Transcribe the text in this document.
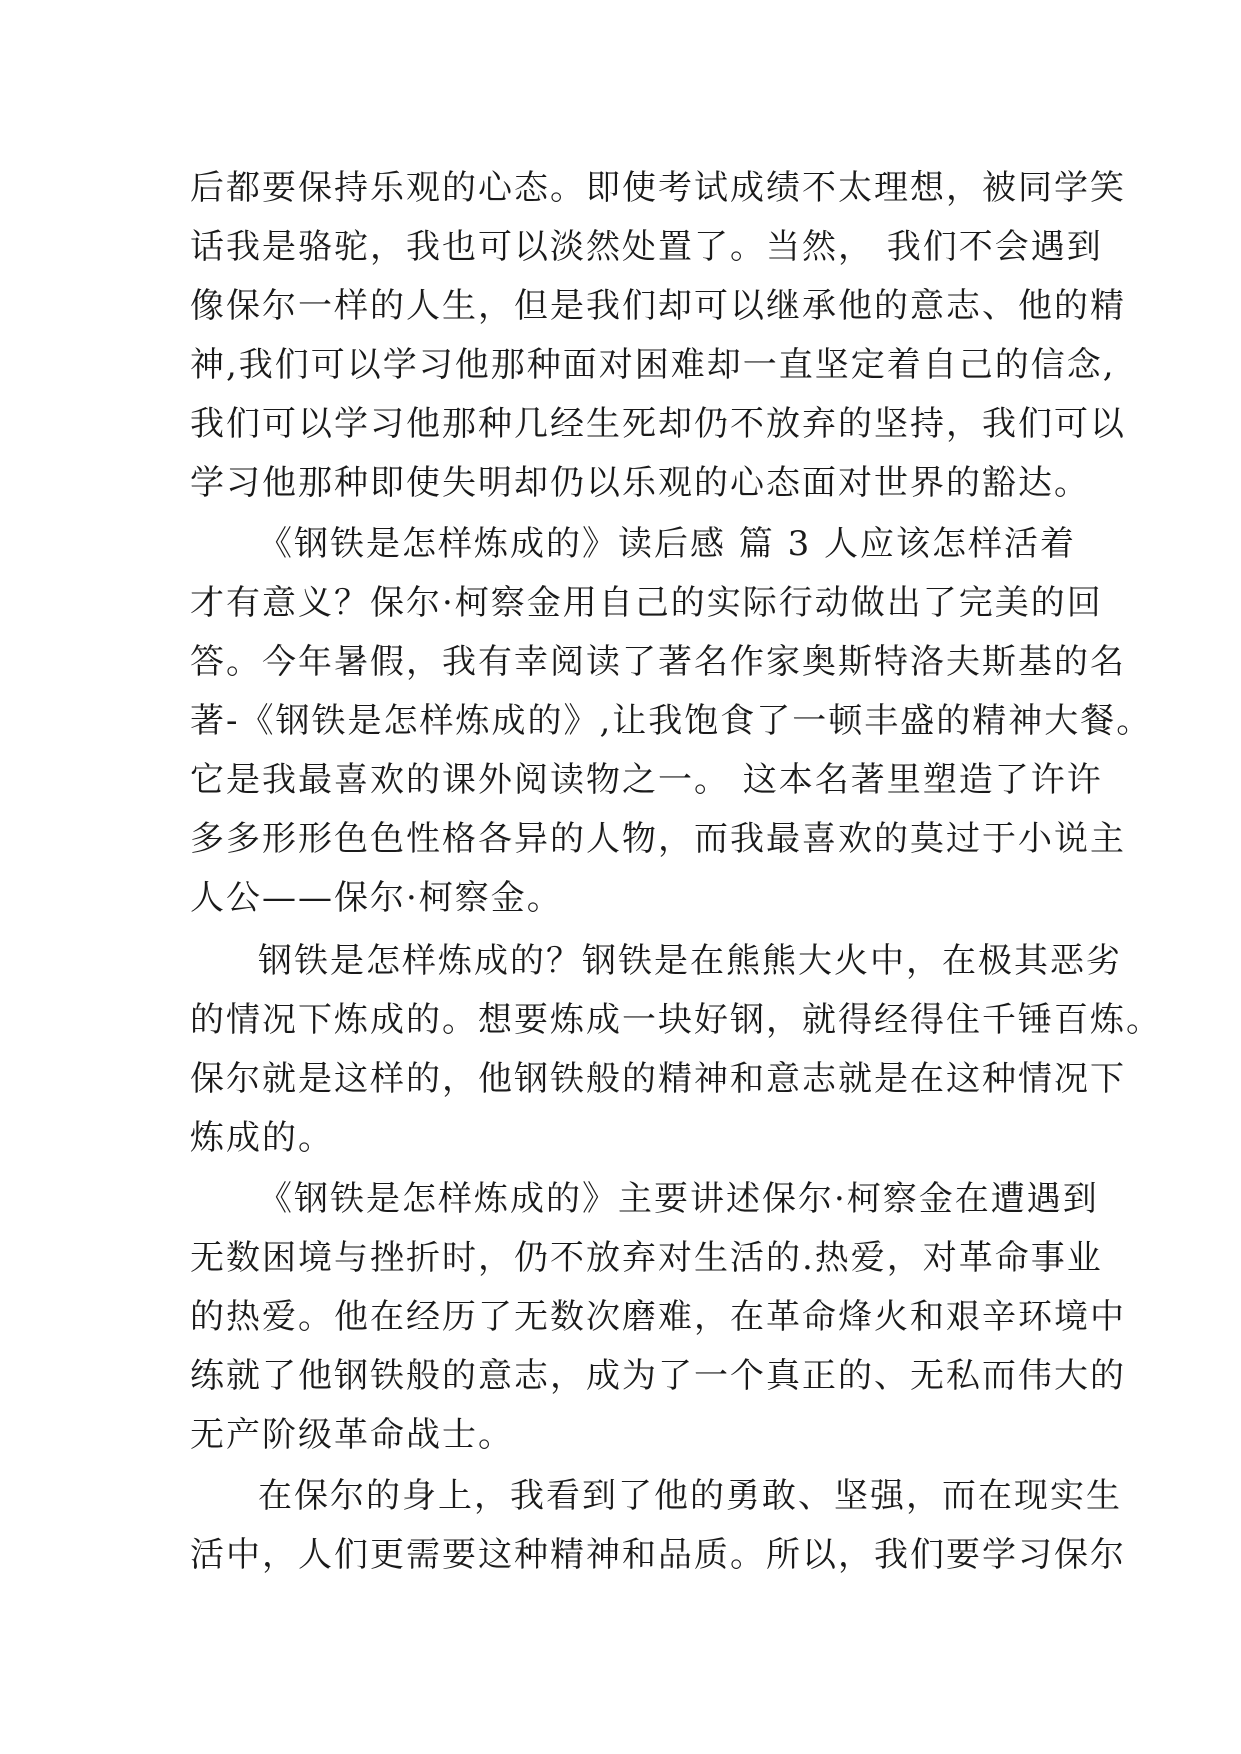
后都要保持乐观的心态。即使考试成绩不太理想，被同学笑
话我是骆驼，我也可以淡然处置了。当然， 我们不会遇到
像保尔一样的人生，但是我们却可以继承他的意志、他的精
神,我们可以学习他那种面对困难却一直坚定着自己的信念,
我们可以学习他那种几经生死却仍不放弃的坚持，我们可以
学习他那种即使失明却仍以乐观的心态面对世界的豁达。
《钢铁是怎样炼成的》读后感 篇 3 人应该怎样活着
才有意义？保尔·柯察金用自己的实际行动做出了完美的回
答。今年暑假，我有幸阅读了著名作家奥斯特洛夫斯基的名
著-《钢铁是怎样炼成的》,让我饱食了一顿丰盛的精神大餐。
它是我最喜欢的课外阅读物之一。 这本名著里塑造了许许
多多形形色色性格各异的人物，而我最喜欢的莫过于小说主
人公——保尔·柯察金。
钢铁是怎样炼成的？钢铁是在熊熊大火中，在极其恶劣
的情况下炼成的。想要炼成一块好钢，就得经得住千锤百炼。
保尔就是这样的，他钢铁般的精神和意志就是在这种情况下
炼成的。
《钢铁是怎样炼成的》主要讲述保尔·柯察金在遭遇到
无数困境与挫折时，仍不放弃对生活的.热爱，对革命事业
的热爱。他在经历了无数次磨难，在革命烽火和艰辛环境中
练就了他钢铁般的意志，成为了一个真正的、无私而伟大的
无产阶级革命战士。
在保尔的身上，我看到了他的勇敢、坚强，而在现实生
活中，人们更需要这种精神和品质。所以，我们要学习保尔
